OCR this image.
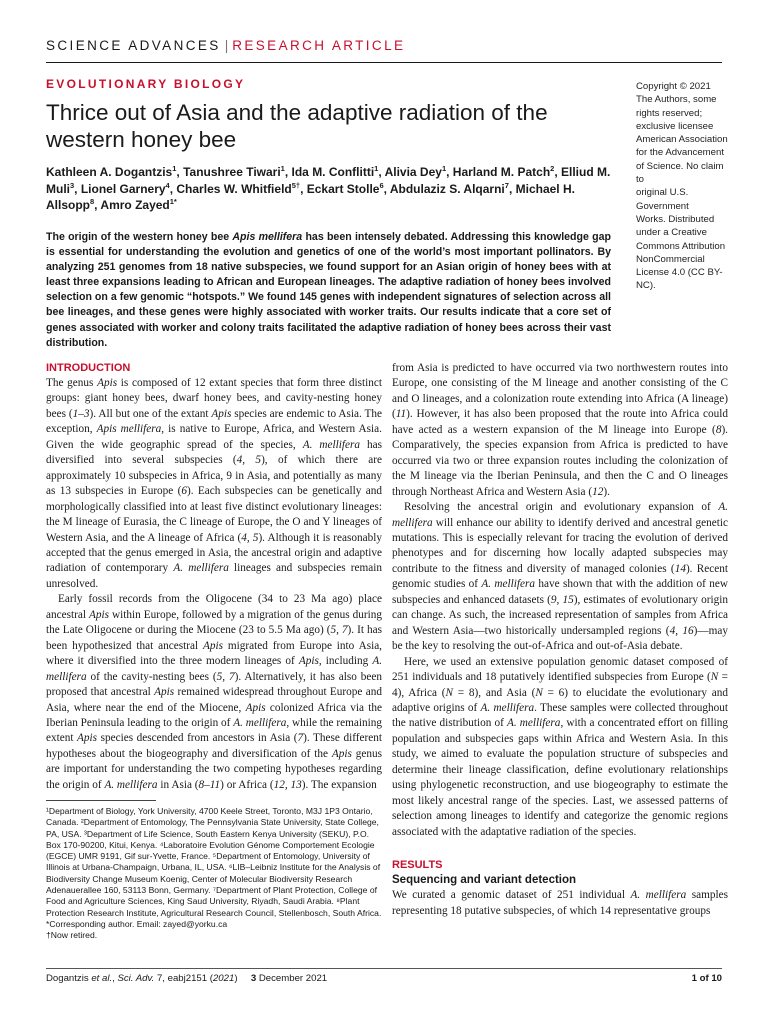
SCIENCE ADVANCES | RESEARCH ARTICLE
EVOLUTIONARY BIOLOGY
Thrice out of Asia and the adaptive radiation of the western honey bee
Copyright © 2021
The Authors, some
rights reserved;
exclusive licensee
American Association
for the Advancement
of Science. No claim to
original U.S. Government
Works. Distributed
under a Creative
Commons Attribution
NonCommercial
License 4.0 (CC BY-NC).
Kathleen A. Dogantzis$^1$, Tanushree Tiwari$^1$, Ida M. Conflitti$^1$, Alivia Dey$^1$, Harland M. Patch$^2$, Elliud M. Muli$^3$, Lionel Garnery$^4$, Charles W. Whitfield$^{5\dagger}$, Eckart Stolle$^6$, Abdulaziz S. Alqarni$^7$, Michael H. Allsopp$^8$, Amro Zayed$^{1*}$
The origin of the western honey bee Apis mellifera has been intensely debated. Addressing this knowledge gap is essential for understanding the evolution and genetics of one of the world’s most important pollinators. By analyzing 251 genomes from 18 native subspecies, we found support for an Asian origin of honey bees with at least three expansions leading to African and European lineages. The adaptive radiation of honey bees involved selection on a few genomic “hotspots.” We found 145 genes with independent signatures of selection across all bee lineages, and these genes were highly associated with worker traits. Our results indicate that a core set of genes associated with worker and colony traits facilitated the adaptive radiation of honey bees across their vast distribution.
INTRODUCTION

The genus Apis is composed of 12 extant species that form three distinct groups: giant honey bees, dwarf honey bees, and cavity-nesting honey bees (1–3). All but one of the extant Apis species are endemic to Asia. The exception, Apis mellifera, is native to Europe, Africa, and Western Asia. Given the wide geographic spread of the species, A. mellifera has diversified into several subspecies (4, 5), of which there are approximately 10 subspecies in Africa, 9 in Asia, and potentially as many as 13 subspecies in Europe (6). Each subspecies can be genetically and morphologically classified into at least five distinct evolutionary lineages: the M lineage of Eurasia, the C lineage of Europe, the O and Y lineages of Western Asia, and the A lineage of Africa (4, 5). Although it is reasonably accepted that the genus emerged in Asia, the ancestral origin and adaptive radiation of contemporary A. mellifera lineages and subspecies remain unresolved.

Early fossil records from the Oligocene (34 to 23 Ma ago) place ancestral Apis within Europe, followed by a migration of the genus during the Late Oligocene or during the Miocene (23 to 5.5 Ma ago) (5, 7). It has been hypothesized that ancestral Apis migrated from Europe into Asia, where it diversified into the three modern lineages of Apis, including A. mellifera of the cavity-nesting bees (5, 7). Alternatively, it has also been proposed that ancestral Apis remained widespread throughout Europe and Asia, where near the end of the Miocene, Apis colonized Africa via the Iberian Peninsula leading to the origin of A. mellifera, while the remaining extent Apis species descended from ancestors in Asia (7). These different hypotheses about the biogeography and diversification of the Apis genus are important for understanding the two competing hypotheses regarding the origin of A. mellifera in Asia (8–11) or Africa (12, 13). The expansion

¹Department of Biology, York University, 4700 Keele Street, Toronto, M3J 1P3 Ontario, Canada. ²Department of Entomology, The Pennsylvania State University, State College, PA, USA. ³Department of Life Science, South Eastern Kenya University (SEKU), P.O. Box 170-90200, Kitui, Kenya. ⁴Laboratoire Evolution Génome Comportement Ecologie (EGCE) UMR 9191, Gif sur-Yvette, France. ⁵Department of Entomology, University of Illinois at Urbana-Champaign, Urbana, IL, USA. ⁶LIB–Leibniz Institute for the Analysis of Biodiversity Change Museum Koenig, Center of Molecular Biodiversity Research Adenauerallee 160, 53113 Bonn, Germany. ⁷Department of Plant Protection, College of Food and Agriculture Sciences, King Saud University, Riyadh, Saudi Arabia. ⁸Plant Protection Research Institute, Agricultural Research Council, Stellenbosch, South Africa.

*Corresponding author. Email: zayed@yorku.ca

†Now retired.

from Asia is predicted to have occurred via two northwestern routes into Europe, one consisting of the M lineage and another consisting of the C and O lineages, and a colonization route extending into Africa (A lineage) (11). However, it has also been proposed that the route into Africa could have acted as a western expansion of the M lineage into Europe (8). Comparatively, the species expansion from Africa is predicted to have occurred via two or three expansion routes including the colonization of the M lineage via the Iberian Peninsula, and then the C and O lineages through Northeast Africa and Western Asia (12).

Resolving the ancestral origin and evolutionary expansion of A. mellifera will enhance our ability to identify derived and ancestral genetic mutations. This is especially relevant for tracing the evolution of derived phenotypes and for discerning how locally adapted subspecies may contribute to the fitness and diversity of managed colonies (14). Recent genomic studies of A. mellifera have shown that with the addition of new subspecies and enhanced datasets (9, 15), estimates of evolutionary origin can change. As such, the increased representation of samples from Africa and Western Asia—two historically undersampled regions (4, 16)—may be the key to resolving the out-of-Africa and out-of-Asia debate.

Here, we used an extensive population genomic dataset composed of 251 individuals and 18 putatively identified subspecies from Europe (N = 4), Africa (N = 8), and Asia (N = 6) to elucidate the evolutionary and adaptive origins of A. mellifera. These samples were collected throughout the native distribution of A. mellifera, with a concentrated effort on filling population and subspecies gaps within Africa and Western Asia. In this study, we aimed to evaluate the population structure of subspecies and determine their lineage classification, define evolutionary relationships using phylogenetic reconstruction, and use biogeography to estimate the most likely ancestral range of the species. Last, we assessed patterns of selection among lineages to identify and categorize the genomic regions associated with the adaptative radiation of the species.

RESULTS
Sequencing and variant detection

We curated a genomic dataset of 251 individual A. mellifera samples representing 18 putative subspecies, of which 14 representative groups

Dogantzis et al., Sci. Adv. 7, eabj2151 (2021)     3 December 2021	1 of 10
